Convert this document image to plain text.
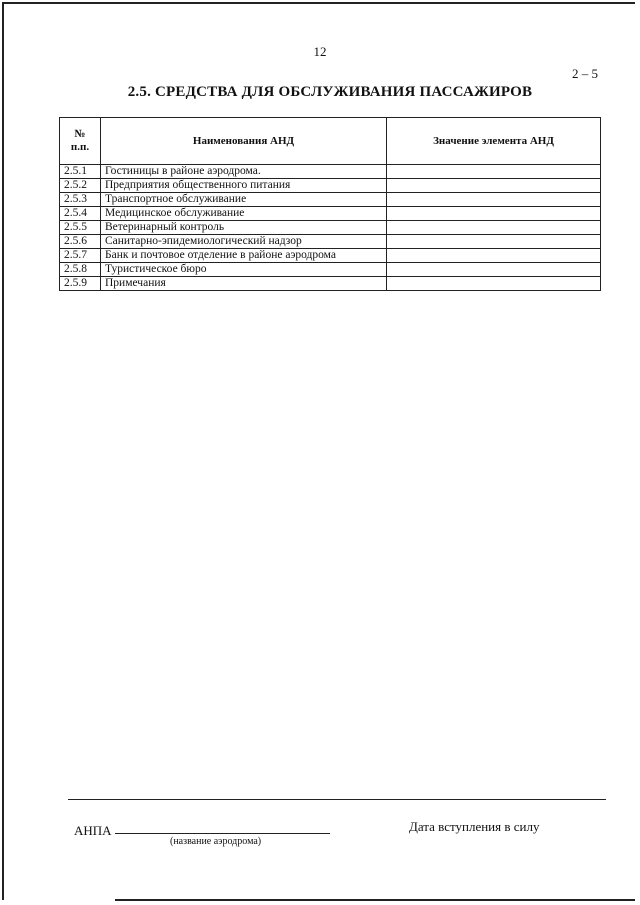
12
2 – 5
2.5. СРЕДСТВА ДЛЯ ОБСЛУЖИВАНИЯ ПАССАЖИРОВ
№
п.п.	Наименования АНД	Значение элемента АНД
2.5.1	Гостиницы в районе аэродрома.	
2.5.2	Предприятия общественного питания	
2.5.3	Транспортное обслуживание	
2.5.4	Медицинское обслуживание	
2.5.5	Ветеринарный контроль	
2.5.6	Санитарно-эпидемиологический надзор	
2.5.7	Банк и почтовое отделение в районе аэродрома	
2.5.8	Туристическое бюро	
2.5.9	Примечания	
АНПА
(название аэродрома)
Дата вступления в силу
